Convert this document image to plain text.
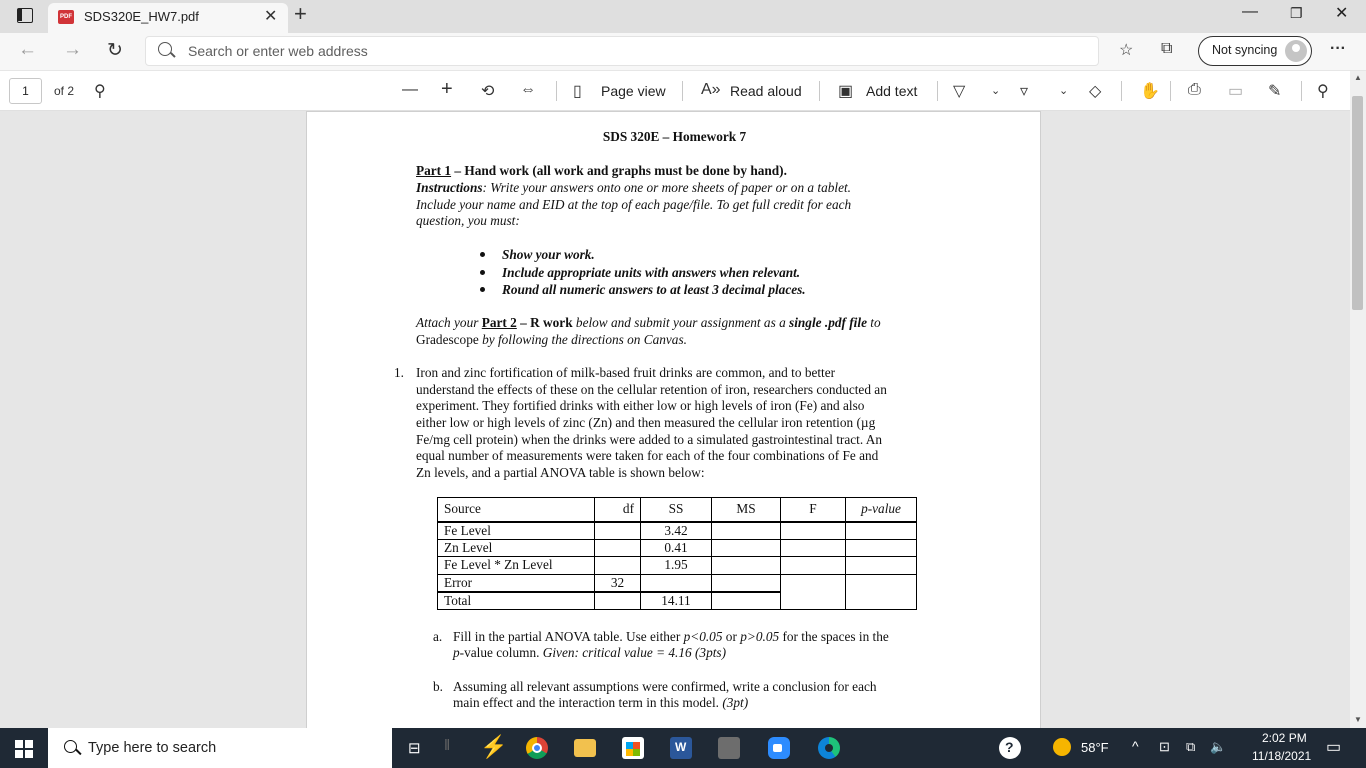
PDF SDS320E_HW7.pdf	✕ +	— ❐ ✕
← → ↻	Search or enter web address	☆ ⧉	Not syncing	···
1	of 2 ⚲	— + ⟲ ⇔ ▯ Page view A» Read aloud ▣ Add text ▽ ⌄ ▿	⌄ ◇ ✋ ⎙ ▭ ✎ ⚲
SDS 320E – Homework 7
Part 1 – Hand work (all work and graphs must be done by hand).
Instructions: Write your answers onto one or more sheets of paper or on a tablet.
Include your name and EID at the top of each page/file. To get full credit for each
question, you must:
Show your work.
Include appropriate units with answers when relevant.
Round all numeric answers to at least 3 decimal places.
Attach your Part 2 – R work below and submit your assignment as a single .pdf file to
Gradescope by following the directions on Canvas.
1. Iron and zinc fortification of milk-based fruit drinks are common, and to better
understand the effects of these on the cellular retention of iron, researchers conducted an
experiment. They fortified drinks with either low or high levels of iron (Fe) and also
either low or high levels of zinc (Zn) and then measured the cellular iron retention (µg
Fe/mg cell protein) when the drinks were added to a simulated gastrointestinal tract. An
equal number of measurements were taken for each of the four combinations of Fe and
Zn levels, and a partial ANOVA table is shown below:
Source	df	SS	MS	F	p-value
Fe Level		3.42			
Zn Level		0.41			
Fe Level * Zn Level		1.95			
Error	32				
Total		14.11			
a. Fill in the partial ANOVA table. Use either p<0.05 or p>0.05 for the spaces in the
p-value column. Given: critical value = 4.16 (3pts)
b. Assuming all relevant assumptions were confirmed, write a conclusion for each
main effect and the interaction term in this model. (3pt)
▲
▼
Type here to search	⊟ ‖ ⚡	W	?	58°F ^ ⊡ ⧉ 🔈
2:02 PM
11/18/2021 ▭
